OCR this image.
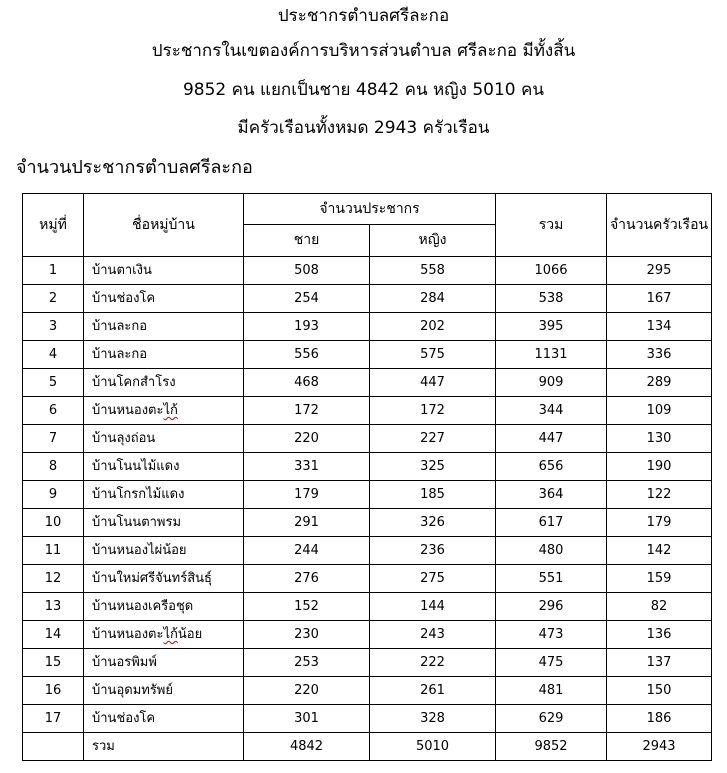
ประชากรตำบลศรีละกอ
ประชากรในเขตองค์การบริหารส่วนตำบล ศรีละกอ มีทั้งสิ้น
9852 คน แยกเป็นชาย 4842 คน หญิง 5010 คน
มีครัวเรือนทั้งหมด 2943 ครัวเรือน
จำนวนประชากรตำบลศรีละกอ
หมู่ที่	ชื่อหมู่บ้าน	จำนวนประชากร		รวม	จำนวนครัวเรือน
		ชาย	หญิง		
1	บ้านตาเงิน	508	558	1066	295
2	บ้านช่องโค	254	284	538	167
3	บ้านละกอ	193	202	395	134
4	บ้านละกอ	556	575	1131	336
5	บ้านโคกสำโรง	468	447	909	289
6	บ้านหนองตะไก้	172	172	344	109
7	บ้านลุงถ่อน	220	227	447	130
8	บ้านโนนไม้แดง	331	325	656	190
9	บ้านโกรกไม้แดง	179	185	364	122
10	บ้านโนนตาพรม	291	326	617	179
11	บ้านหนองไผ่น้อย	244	236	480	142
12	บ้านใหม่ศรีจันทร์สินธุ์	276	275	551	159
13	บ้านหนองเครือชุด	152	144	296	82
14	บ้านหนองตะไก้น้อย	230	243	473	136
15	บ้านอรพิมพ์	253	222	475	137
16	บ้านอุดมทรัพย์	220	261	481	150
17	บ้านช่องโค	301	328	629	186
	รวม	4842	5010	9852	2943
